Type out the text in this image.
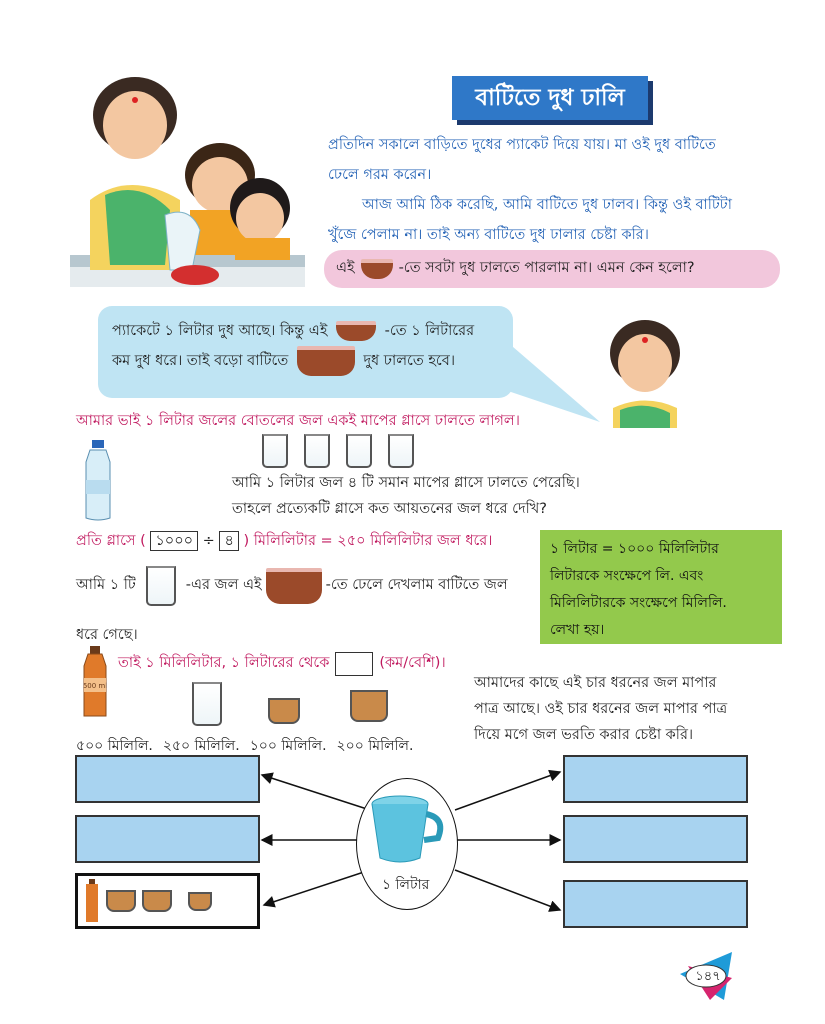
বাটিতে দুধ ঢালি
প্রতিদিন সকালে বাড়িতে দুধের প্যাকেট দিয়ে যায়। মা ওই দুধ বাটিতে
ঢেলে গরম করেন।
আজ আমি ঠিক করেছি, আমি বাটিতে দুধ ঢালব। কিন্তু ওই বাটিটা
খুঁজে পেলাম না। তাই অন্য বাটিতে দুধ ঢালার চেষ্টা করি।
এই	-তে সবটা দুধ ঢালতে পারলাম না। এমন কেন হলো?
প্যাকেটে ১ লিটার দুধ আছে। কিন্তু এই	-তে ১ লিটারের
কম দুধ ধরে। তাই বড়ো বাটিতে	দুধ ঢালতে হবে।
আমার ভাই ১ লিটার জলের বোতলের জল একই মাপের গ্লাসে ঢালতে লাগল।
আমি ১ লিটার জল ৪ টি সমান মাপের গ্লাসে ঢালতে পেরেছি।
তাহলে প্রত্যেকটি গ্লাসে কত আয়তনের জল ধরে দেখি?
প্রতি গ্লাসে ( ১০০০ ÷ ৪ ) মিলিলিটার = ২৫০ মিলিলিটার জল ধরে।	১ লিটার = ১০০০ মিলিলিটার
লিটারকে সংক্ষেপে লি. এবং
মিলিলিটারকে সংক্ষেপে মিলিলি.
লেখা হয়।
আমি ১ টি	-এর জল এই	-তে ঢেলে দেখলাম বাটিতে জল
ধরে গেছে।
500 ml
তাই ১ মিলিলিটার, ১ লিটারের থেকে	(কম/বেশি)।
৫০০ মিলিলি. ২৫০ মিলিলি. ১০০ মিলিলি. ২০০ মিলিলি.
আমাদের কাছে এই চার ধরনের জল মাপার
পাত্র আছে। ওই চার ধরনের জল মাপার পাত্র
দিয়ে মগে জল ভরতি করার চেষ্টা করি।
১ লিটার
১৪৭
